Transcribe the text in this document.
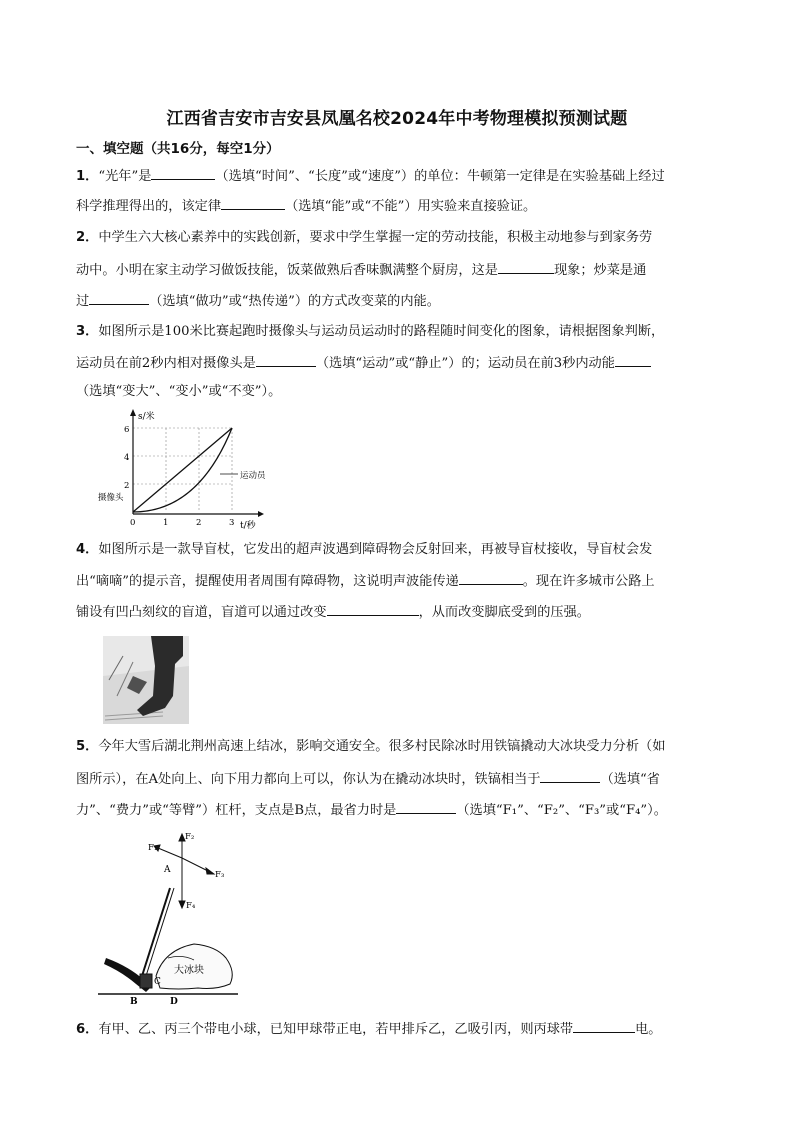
江西省吉安市吉安县凤凰名校2024年中考物理模拟预测试题
一、填空题（共16分，每空1分）
1．“光年”是	（选填“时间”、“长度”或“速度”）的单位：牛顿第一定律是在实验基础上经过
科学推理得出的，该定律	（选填“能”或“不能”）用实验来直接验证。
2．中学生六大核心素养中的实践创新，要求中学生掌握一定的劳动技能，积极主动地参与到家务劳
动中。小明在家主动学习做饭技能，饭菜做熟后香味飘满整个厨房，这是	现象；炒菜是通
过	（选填“做功”或“热传递”）的方式改变菜的内能。
3．如图所示是100米比赛起跑时摄像头与运动员运动时的路程随时间变化的图象，请根据图象判断，
运动员在前2秒内相对摄像头是	（选填“运动”或“静止”）的；运动员在前3秒内动能
（选填“变大”、“变小”或“不变”）。
s/米
t/秒
2
4
6
0	1	2	3
运动员
摄像头
4．如图所示是一款导盲杖，它发出的超声波遇到障碍物会反射回来，再被导盲杖接收，导盲杖会发
出“嘀嘀”的提示音，提醒使用者周围有障碍物，这说明声波能传递	。现在许多城市公路上
铺设有凹凸刻纹的盲道，盲道可以通过改变	，从而改变脚底受到的压强。
5．今年大雪后湖北荆州高速上结冰，影响交通安全。很多村民除冰时用铁镐撬动大冰块受力分析（如
图所示），在A处向上、向下用力都向上可以，你认为在撬动冰块时，铁镐相当于	（选填“省
力”、“费力”或“等臂”）杠杆，支点是B点，最省力时是	（选填“F₁”、“F₂”、“F₃”或“F₄”）。
F₂
F₁
F₃
F₄
A
大冰块
C
B	D
6．有甲、乙、丙三个带电小球，已知甲球带正电，若甲排斥乙，乙吸引丙，则丙球带	电。
